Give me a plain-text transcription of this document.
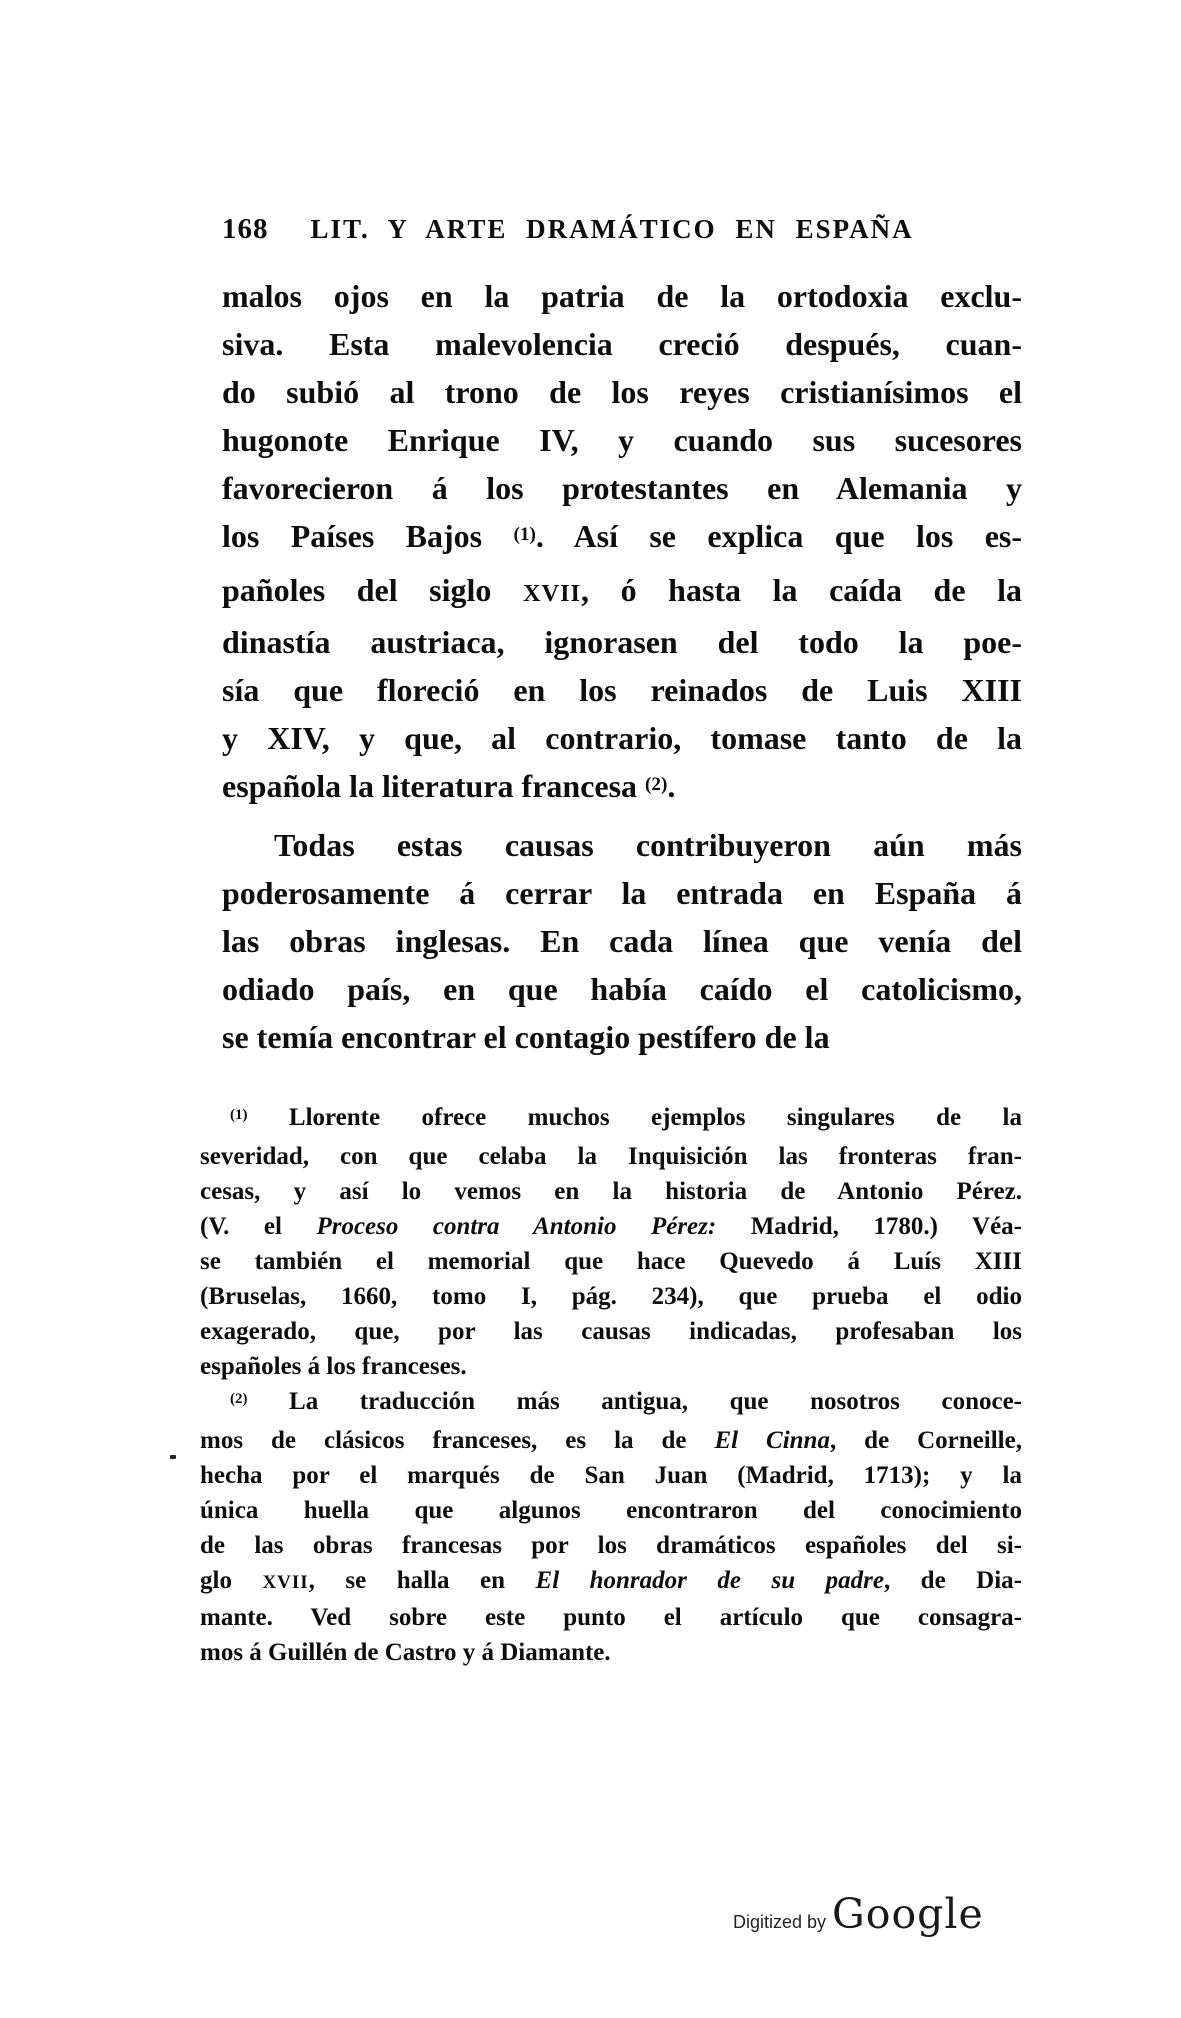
168 LIT. Y ARTE DRAMÁTICO EN ESPAÑA
malos ojos en la patria de la ortodoxia exclu-
siva. Esta malevolencia creció después, cuan-
do subió al trono de los reyes cristianísimos el
hugonote Enrique IV, y cuando sus sucesores
favorecieron á los protestantes en Alemania y
los Países Bajos $^{(1)}$. Así se explica que los es-
pañoles del siglo XVII, ó hasta la caída de la
dinastía austriaca, ignorasen del todo la poe-
sía que floreció en los reinados de Luis XIII
y XIV, y que, al contrario, tomase tanto de la
española la literatura francesa $^{(2)}$.
Todas estas causas contribuyeron aún más
poderosamente á cerrar la entrada en España á
las obras inglesas. En cada línea que venía del
odiado país, en que había caído el catolicismo,
se temía encontrar el contagio pestífero de la
$^{(1)}$ Llorente ofrece muchos ejemplos singulares de la
severidad, con que celaba la Inquisición las fronteras fran-
cesas, y así lo vemos en la historia de Antonio Pérez.
(V. el Proceso contra Antonio Pérez: Madrid, 1780.) Véa-
se también el memorial que hace Quevedo á Luís XIII
(Bruselas, 1660, tomo I, pág. 234), que prueba el odio
exagerado, que, por las causas indicadas, profesaban los
españoles á los franceses.
$^{(2)}$ La traducción más antigua, que nosotros conoce-
mos de clásicos franceses, es la de El Cinna, de Corneille,
hecha por el marqués de San Juan (Madrid, 1713); y la
única huella que algunos encontraron del conocimiento
de las obras francesas por los dramáticos españoles del si-
glo XVII, se halla en El honrador de su padre, de Dia-
mante. Ved sobre este punto el artículo que consagra-
mos á Guillén de Castro y á Diamante.
Digitized by Google
